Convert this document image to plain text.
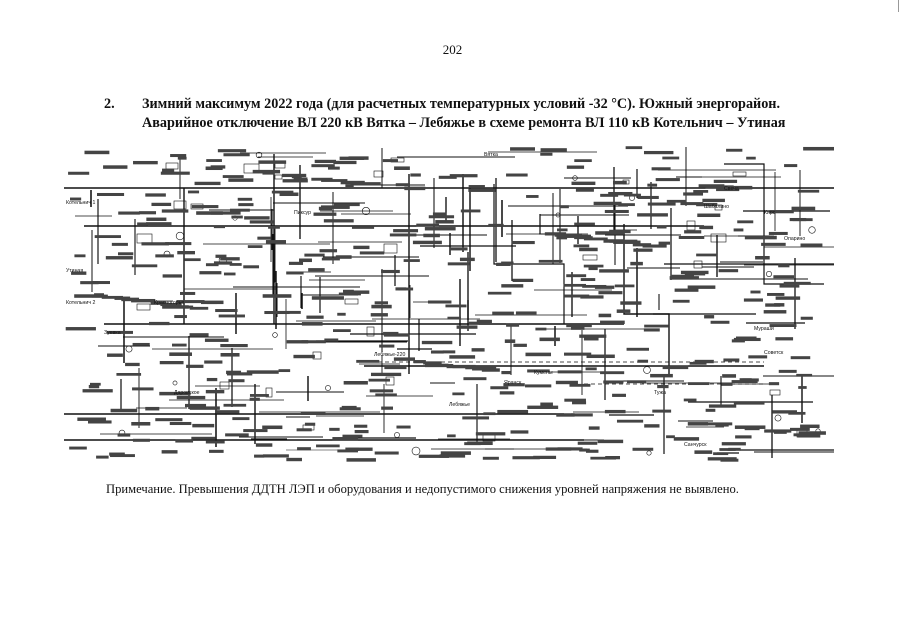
202
2.	Зимний максимум 2022 года (для расчетных температурных условий -32 °C). Южный энергорайон.
Аварийное отключение ВЛ 220 кВ Вятка – Лебяжье в схеме ремонта ВЛ 110 кВ Котельнич – Утиная
Котельнич 1
Котельнич 2
Утиная
Лебяжье
Вятка
Лебяжье-220
Красногорье
Пиксур
Шабалино
Кирс
Советск
Яранск
Санчурск
Зуевка
Опарино
Свеча
Мураши
Даровское
Кумены
Тужа
Примечание. Превышения ДДТН ЛЭП и оборудования и недопустимого снижения уровней напряжения не выявлено.
